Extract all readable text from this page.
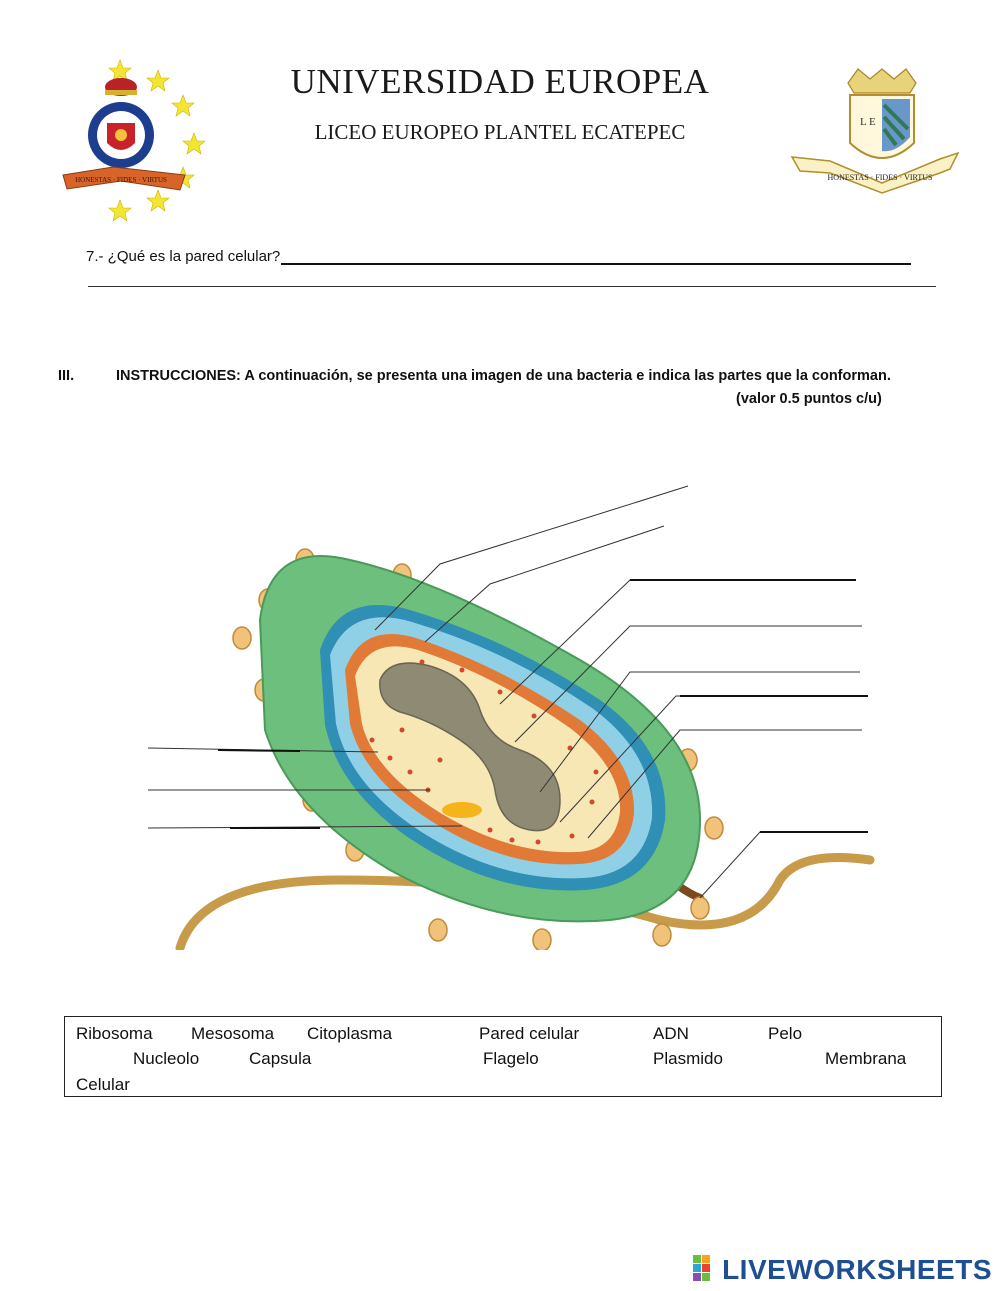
HONESTAS · FIDES · VIRTUS
L E
HONESTAS · FIDES · VIRTUS
UNIVERSIDAD EUROPEA
LICEO EUROPEO PLANTEL ECATEPEC
7.- ¿Qué es la pared celular?
III.	INSTRUCCIONES: A continuación, se presenta una imagen de una bacteria e indica las partes que la conforman.
(valor 0.5 puntos c/u)
Ribosoma Mesosoma Citoplasma	Pared celular	ADN	Pelo
Nucleolo	Capsula	Flagelo	Plasmido	Membrana
Celular
LIVEWORKSHEETS
